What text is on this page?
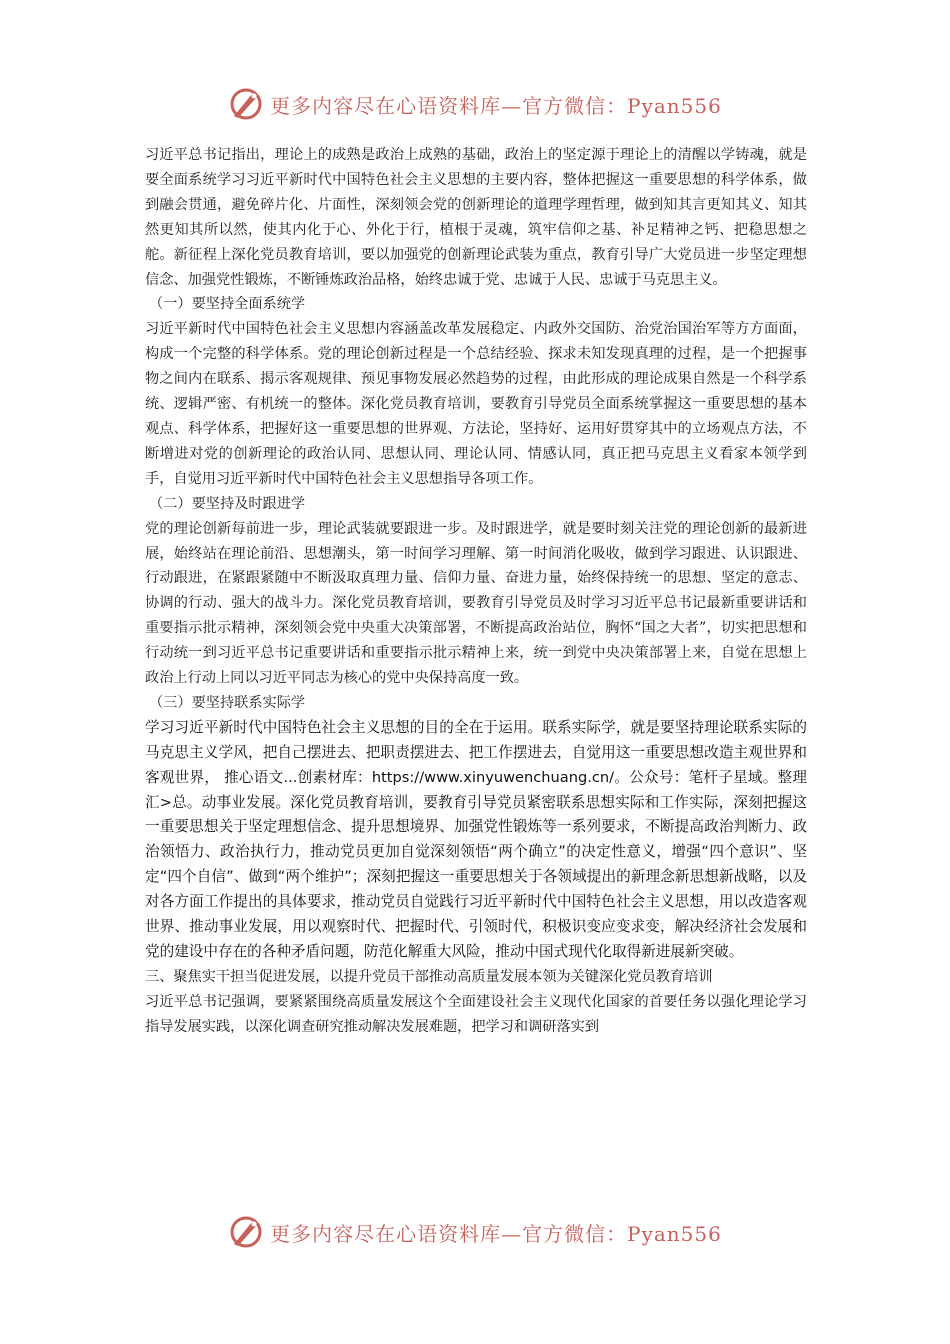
更多内容尽在心语资料库—官方微信：Pyan556

习近平总书记指出，理论上的成熟是政治上成熟的基础，政治上的坚定源于理论上的清醒以学铸魂，就是要全面系统学习习近平新时代中国特色社会主义思想的主要内容，整体把握这一重要思想的科学体系，做到融会贯通，避免碎片化、片面性，深刻领会党的创新理论的道理学理哲理，做到知其言更知其义、知其然更知其所以然，使其内化于心、外化于行，植根于灵魂，筑牢信仰之基、补足精神之钙、把稳思想之舵。新征程上深化党员教育培训，要以加强党的创新理论武装为重点，教育引导广大党员进一步坚定理想信念、加强党性锻炼，不断锤炼政治品格，始终忠诚于党、忠诚于人民、忠诚于马克思主义。

（一）要坚持全面系统学

习近平新时代中国特色社会主义思想内容涵盖改革发展稳定、内政外交国防、治党治国治军等方方面面，构成一个完整的科学体系。党的理论创新过程是一个总结经验、探求未知发现真理的过程，是一个把握事物之间内在联系、揭示客观规律、预见事物发展必然趋势的过程，由此形成的理论成果自然是一个科学系统、逻辑严密、有机统一的整体。深化党员教育培训，要教育引导党员全面系统掌握这一重要思想的基本观点、科学体系，把握好这一重要思想的世界观、方法论，坚持好、运用好贯穿其中的立场观点方法，不断增进对党的创新理论的政治认同、思想认同、理论认同、情感认同，真正把马克思主义看家本领学到手，自觉用习近平新时代中国特色社会主义思想指导各项工作。

（二）要坚持及时跟进学

党的理论创新每前进一步，理论武装就要跟进一步。及时跟进学，就是要时刻关注党的理论创新的最新进展，始终站在理论前沿、思想潮头，第一时间学习理解、第一时间消化吸收，做到学习跟进、认识跟进、行动跟进，在紧跟紧随中不断汲取真理力量、信仰力量、奋进力量，始终保持统一的思想、坚定的意志、协调的行动、强大的战斗力。深化党员教育培训，要教育引导党员及时学习习近平总书记最新重要讲话和重要指示批示精神，深刻领会党中央重大决策部署，不断提高政治站位，胸怀“国之大者”，切实把思想和行动统一到习近平总书记重要讲话和重要指示批示精神上来，统一到党中央决策部署上来，自觉在思想上政治上行动上同以习近平同志为核心的党中央保持高度一致。

（三）要坚持联系实际学

学习习近平新时代中国特色社会主义思想的目的全在于运用。联系实际学，就是要坚持理论联系实际的马克思主义学风，把自己摆进去、把职责摆进去、把工作摆进去，自觉用这一重要思想改造主观世界和客观世界， 推心语文...创素材库：https://www.xinyuwenchuang.cn/。公众号：笔杆子星域。整理汇>总。动事业发展。深化党员教育培训，要教育引导党员紧密联系思想实际和工作实际，深刻把握这一重要思想关于坚定理想信念、提升思想境界、加强党性锻炼等一系列要求，不断提高政治判断力、政治领悟力、政治执行力，推动党员更加自觉深刻领悟“两个确立”的决定性意义，增强“四个意识”、坚定“四个自信”、做到“两个维护”；深刻把握这一重要思想关于各领域提出的新理念新思想新战略，以及对各方面工作提出的具体要求，推动党员自觉践行习近平新时代中国特色社会主义思想，用以改造客观世界、推动事业发展，用以观察时代、把握时代、引领时代，积极识变应变求变，解决经济社会发展和党的建设中存在的各种矛盾问题，防范化解重大风险，推动中国式现代化取得新进展新突破。

三、聚焦实干担当促进发展，以提升党员干部推动高质量发展本领为关键深化党员教育培训

习近平总书记强调，要紧紧围绕高质量发展这个全面建设社会主义现代化国家的首要任务以强化理论学习指导发展实践，以深化调查研究推动解决发展难题，把学习和调研落实到

更多内容尽在心语资料库—官方微信：Pyan556
